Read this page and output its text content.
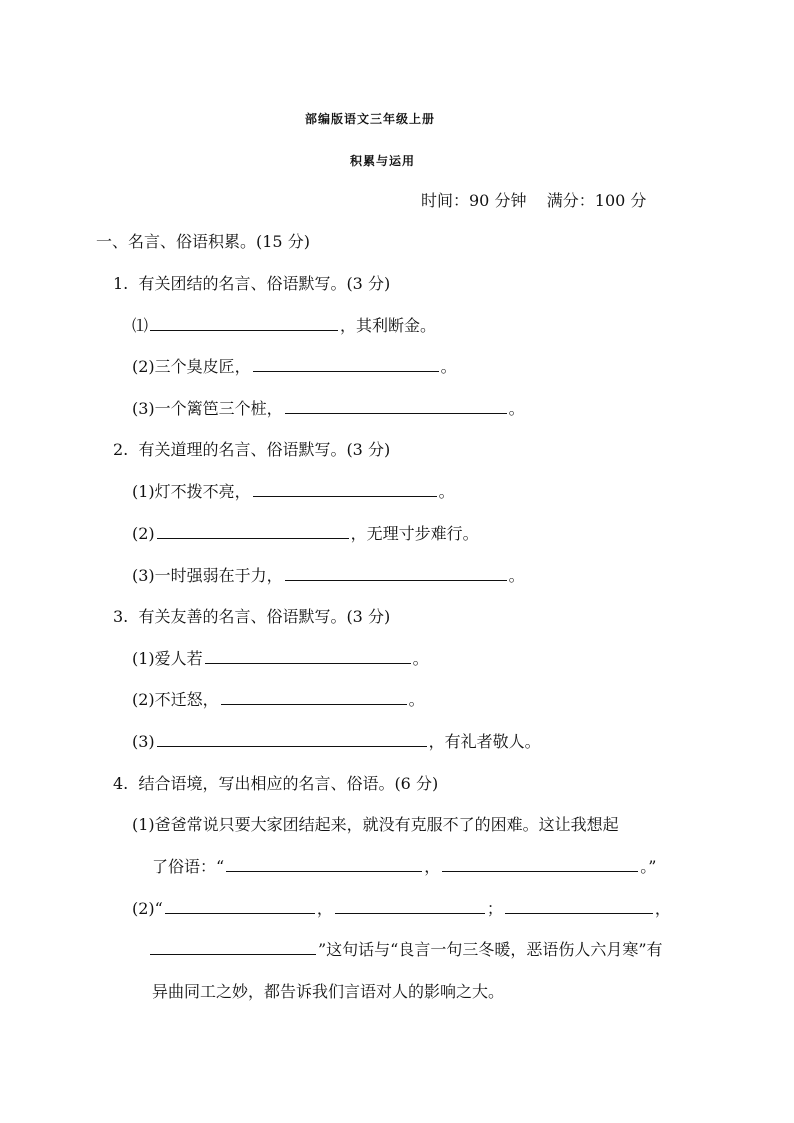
部编版语文三年级上册
积累与运用
时间：90 分钟    满分：100 分
一、名言、俗语积累。(15 分)
1.  有关团结的名言、俗语默写。(3 分)
⑴	，其利断金。
(2)三个臭皮匠，	。
(3)一个篱笆三个桩，	。
2.  有关道理的名言、俗语默写。(3 分)
(1)灯不拨不亮，	。
(2)	，无理寸步难行。
(3)一时强弱在于力，	。
3.  有关友善的名言、俗语默写。(3 分)
(1)爱人若	。
(2)不迁怒，	。
(3)	，有礼者敬人。
4.  结合语境，写出相应的名言、俗语。(6 分)
(1)爸爸常说只要大家团结起来，就没有克服不了的困难。这让我想起
了俗语：“	，	。”
(2)“	，	；	，
”这句话与“良言一句三冬暖，恶语伤人六月寒”有
异曲同工之妙，都告诉我们言语对人的影响之大。
